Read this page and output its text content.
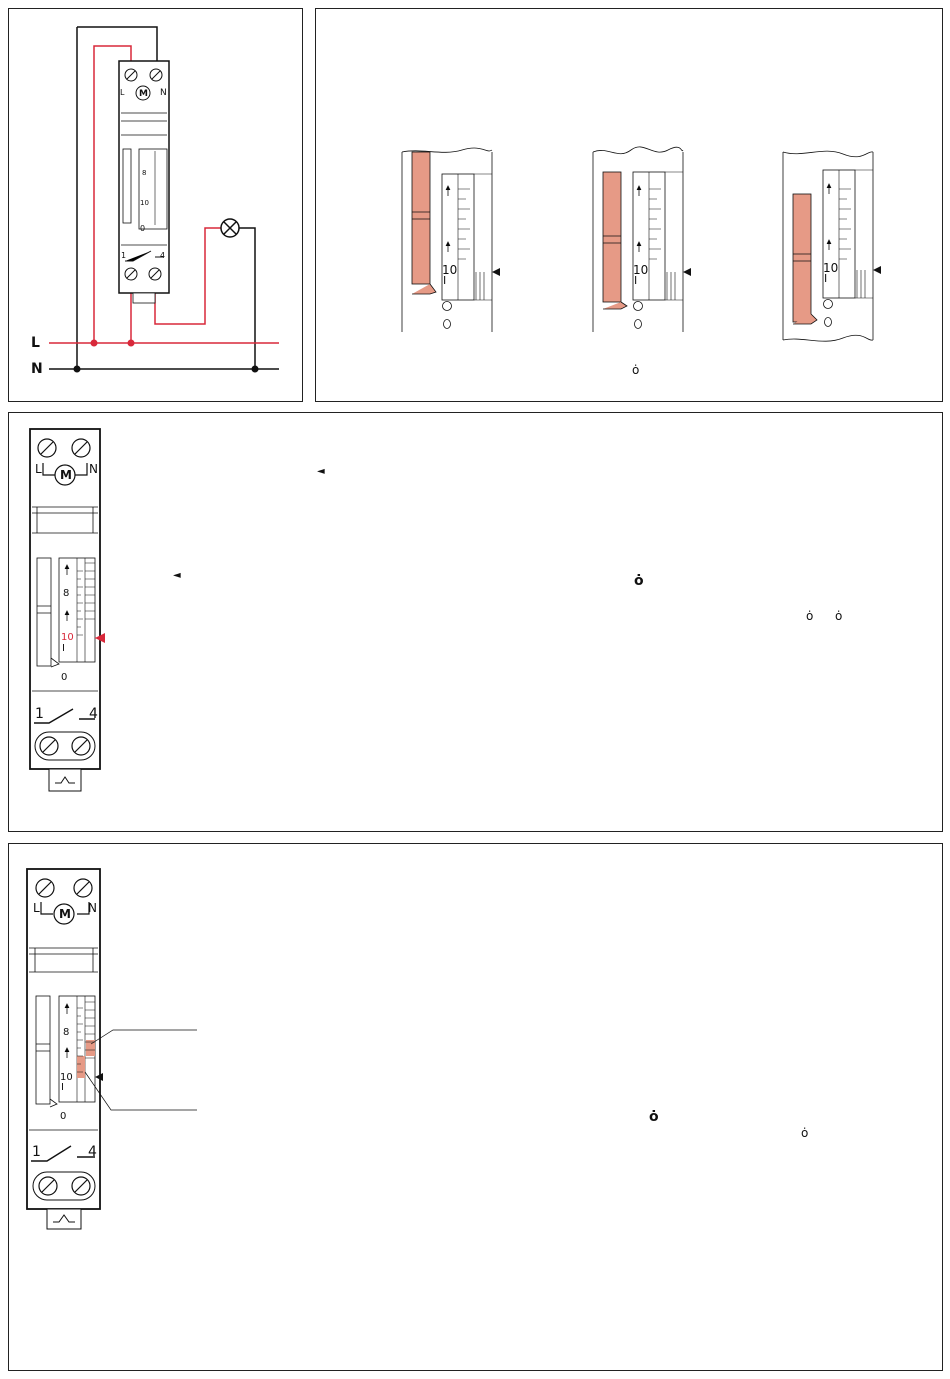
L
N
L	N
M
8
10
0
1	4
10
I
10
I
10
I
ȯ
L	N
M
8
10
I
0
1	4
◄
◄	ȯ
ȯ ȯ
L	N
M
8
10
I
0
1	4
ȯ
ȯ
